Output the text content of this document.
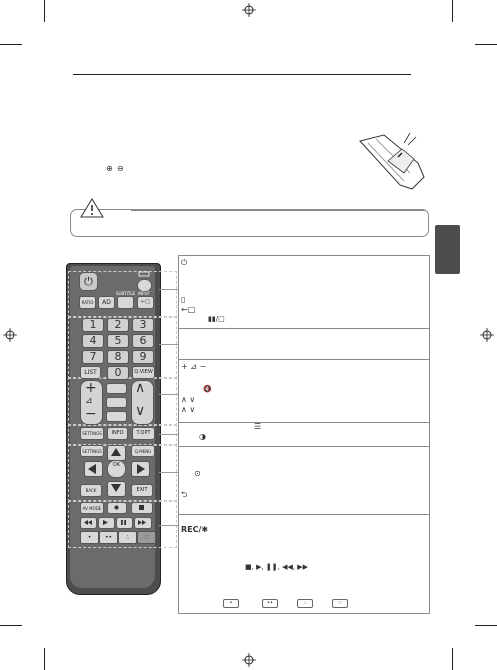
⊕ ⊖
⏻
▯
←□
▮▮/□
+ ⊿ −
🔇
∧ ∨
∧ ∨
☰
◑
⊙
⮌
REC/✱
■, ▶, ❚❚, ◀◀, ▶▶
•	••	∴	∷
⏻
RATIO	AD
SUBTITLE INPUT
←□
1	2	3
4	5	6
7	8	9
LIST	0	Q.VIEW
+
⊿
−
∧
∨
SETTINGS	INFO	T.OPT
SETTINGS	Q.MENU
OK
BACK	EXIT
AV MODE
•	••	∴	∷
